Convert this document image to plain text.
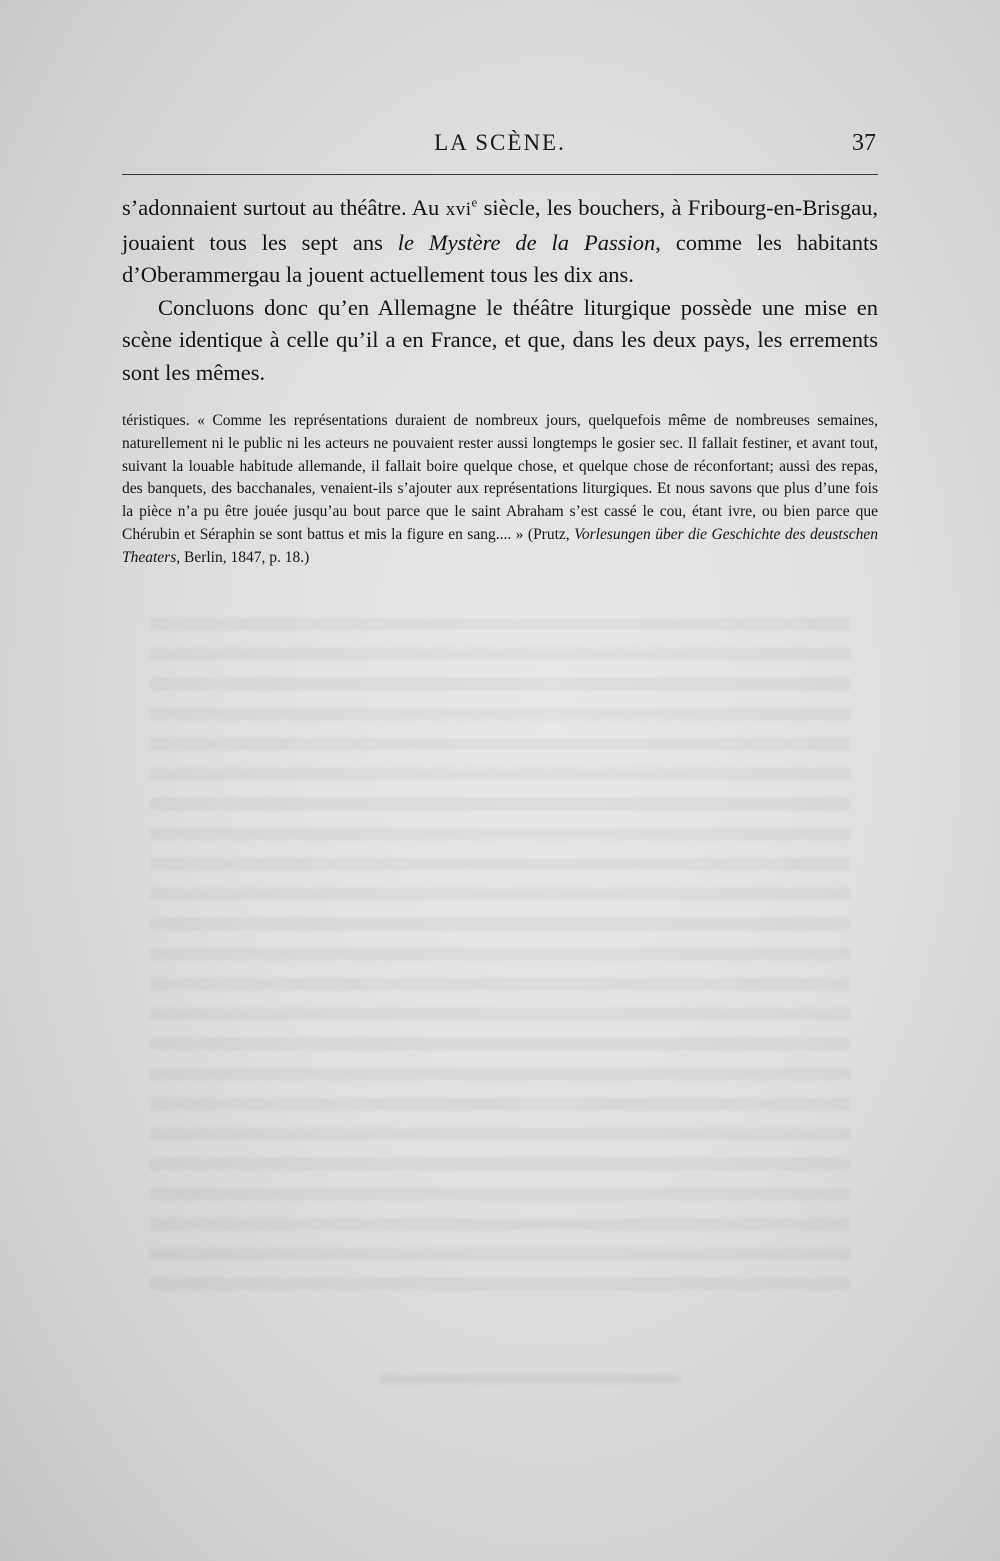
LA SCÈNE.	37

s’adonnaient surtout au théâtre. Au xvi$^e$ siècle, les bouchers, à Fribourg-en-Brisgau, jouaient tous les sept ans le Mystère de la Passion, comme les habitants d’Oberammergau la jouent actuellement tous les dix ans.

Concluons donc qu’en Allemagne le théâtre liturgique possède une mise en scène identique à celle qu’il a en France, et que, dans les deux pays, les errements sont les mêmes.

téristiques. « Comme les représentations duraient de nombreux jours, quelquefois même de nombreuses semaines, naturellement ni le public ni les acteurs ne pouvaient rester aussi longtemps le gosier sec. Il fallait festiner, et avant tout, suivant la louable habitude allemande, il fallait boire quelque chose, et quelque chose de réconfortant; aussi des repas, des banquets, des bacchanales, venaient-ils s’ajouter aux représentations liturgiques. Et nous savons que plus d’une fois la pièce n’a pu être jouée jusqu’au bout parce que le saint Abraham s’est cassé le cou, étant ivre, ou bien parce que Chérubin et Séraphin se sont battus et mis la figure en sang.... » (Prutz, Vorlesungen über die Geschichte des deustschen Theaters, Berlin, 1847, p. 18.)
